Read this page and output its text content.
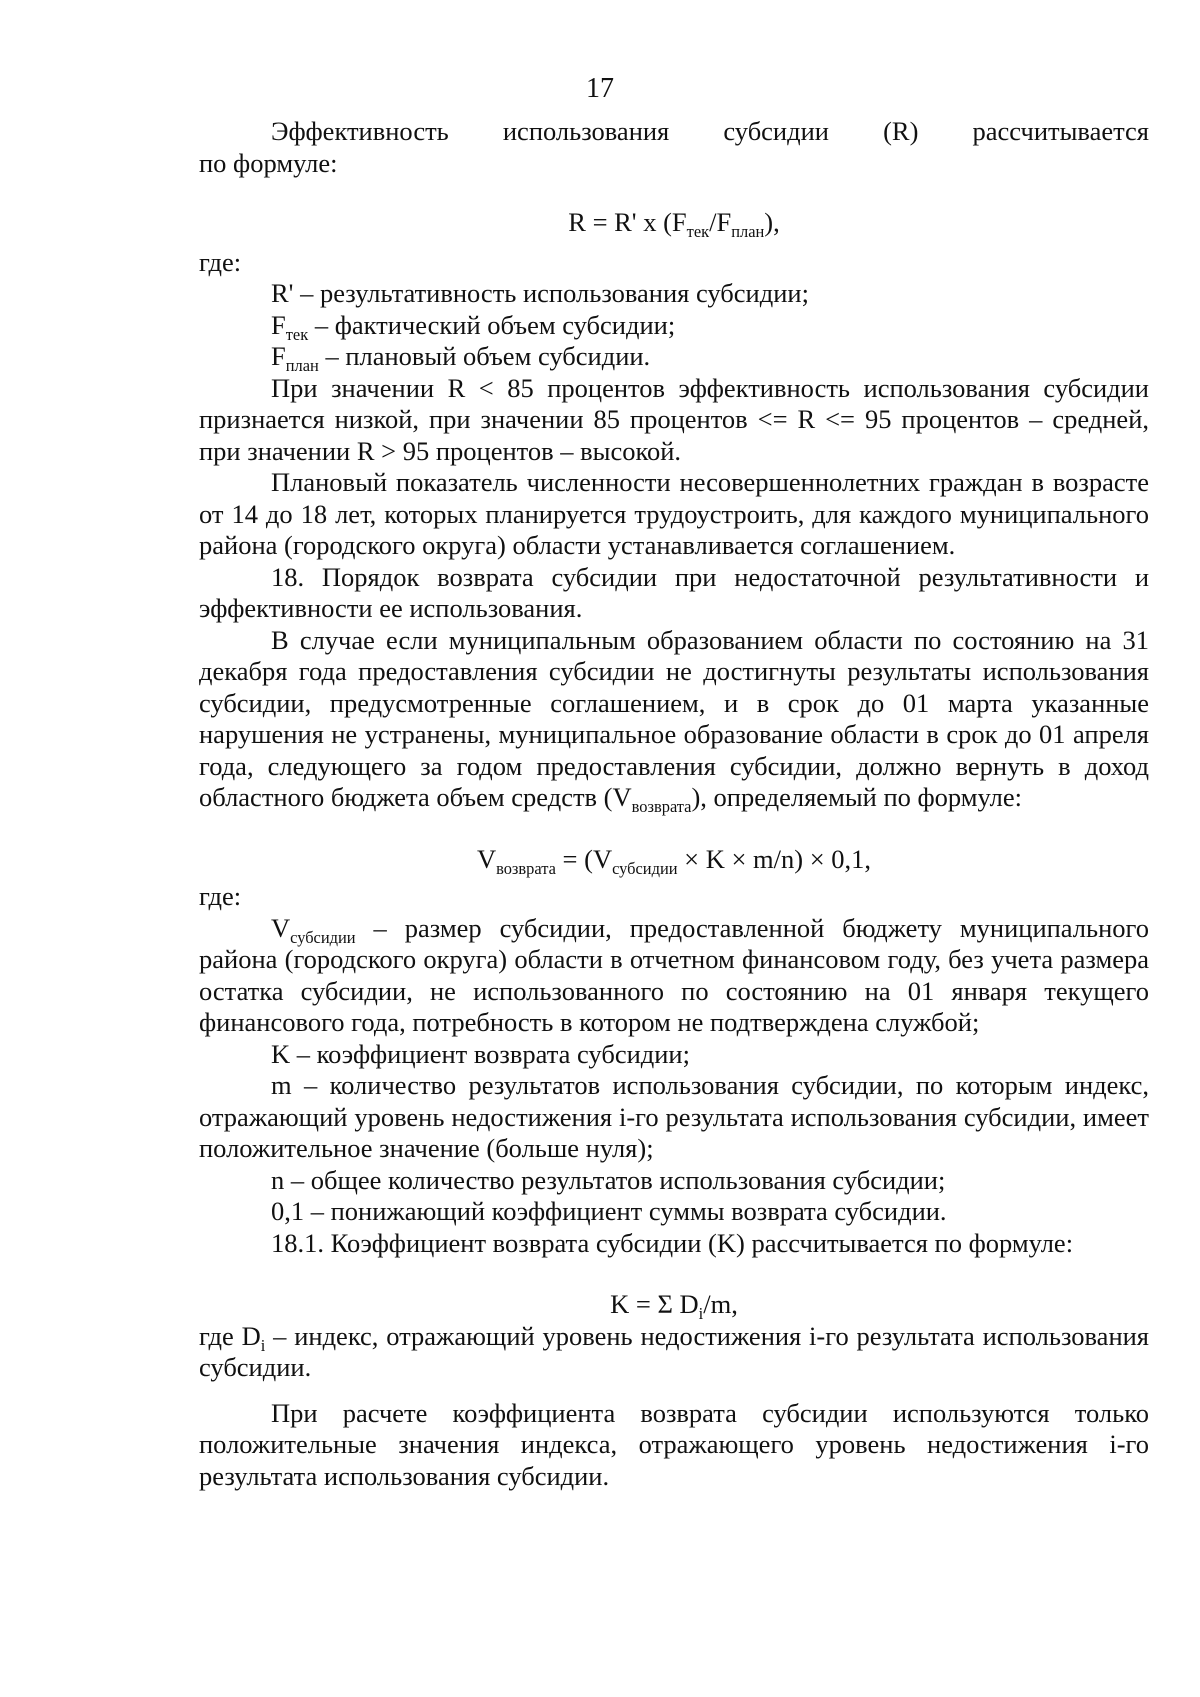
17
Эффективность использования субсидии (R) рассчитывается

по формуле:

R = R' x $(F_{тек}/F_{план})$,

где:

R' – результативность использования субсидии;

$F_{тек}$ – фактический объем субсидии;

$F_{план}$ – плановый объем субсидии.

При значении R < 85 процентов эффективность использования субсидии признается низкой, при значении 85 процентов <= R <= 95 процентов – средней, при значении R > 95 процентов – высокой.

Плановый показатель численности несовершеннолетних граждан в возрасте от 14 до 18 лет, которых планируется трудоустроить, для каждого муниципального района (городского округа) области устанавливается соглашением.

18. Порядок возврата субсидии при недостаточной результативности и эффективности ее использования.

В случае если муниципальным образованием области по состоянию на 31 декабря года предоставления субсидии не достигнуты результаты использования субсидии, предусмотренные соглашением, и в срок до 01 марта указанные нарушения не устранены, муниципальное образование области в срок до 01 апреля года, следующего за годом предоставления субсидии, должно вернуть в доход областного бюджета объем средств $(V_{возврата})$, определяемый по формуле:

$V_{возврата} = (V_{субсидии} \times K \times m/n) \times 0,1$,

где:

$V_{субсидии}$ – размер субсидии, предоставленной бюджету муниципального района (городского округа) области в отчетном финансовом году, без учета размера остатка субсидии, не использованного по состоянию на 01 января текущего финансового года, потребность в котором не подтверждена службой;

K – коэффициент возврата субсидии;

m – количество результатов использования субсидии, по которым индекс, отражающий уровень недостижения i-го результата использования субсидии, имеет положительное значение (больше нуля);

n – общее количество результатов использования субсидии;

0,1 – понижающий коэффициент суммы возврата субсидии.

18.1. Коэффициент возврата субсидии (K) рассчитывается по формуле:

K = Σ $D_i/m$,

где $D_i$ – индекс, отражающий уровень недостижения i-го результата использования субсидии.

При расчете коэффициента возврата субсидии используются только положительные значения индекса, отражающего уровень недостижения i-го результата использования субсидии.
